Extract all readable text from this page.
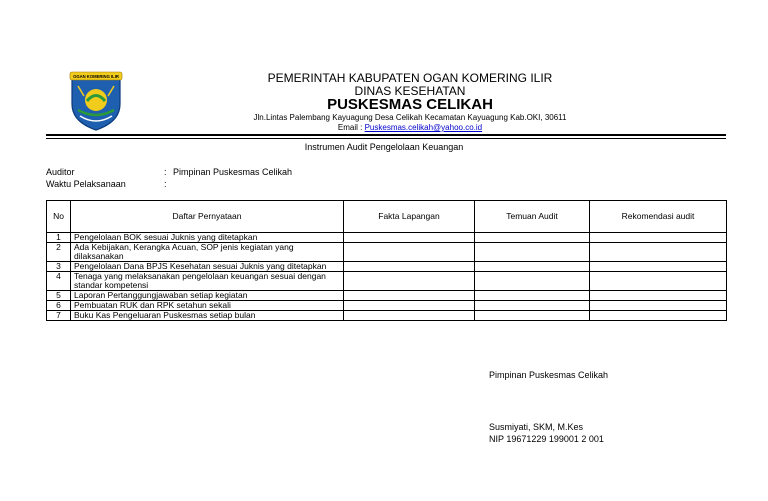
OGAN KOMERING ILIR	PEMERINTAH KABUPATEN OGAN KOMERING ILIR
DINAS KESEHATAN
PUSKESMAS CELIKAH
Jln.Lintas Palembang Kayuagung Desa Celikah Kecamatan Kayuagung Kab.OKI, 30611
Email : Puskesmas.celikah@yahoo.co.id
Instrumen Audit Pengelolaan Keuangan
Auditor	: Pimpinan Puskesmas Celikah
Waktu Pelaksanaan	:
No	Daftar Pernyataan	Fakta Lapangan	Temuan Audit	Rekomendasi audit
1	Pengelolaan BOK sesuai Juknis yang ditetapkan			
2	Ada Kebijakan, Kerangka Acuan, SOP jenis kegiatan yang dilaksanakan			
3	Pengelolaan Dana BPJS Kesehatan sesuai Juknis yang ditetapkan			
4	Tenaga yang melaksanakan pengelolaan keuangan sesuai dengan standar kompetensi			
5	Laporan Pertanggungjawaban setiap kegiatan			
6	Pembuatan RUK dan RPK setahun sekali			
7	Buku Kas Pengeluaran Puskesmas setiap bulan			
Pimpinan Puskesmas Celikah
Susmiyati, SKM, M.Kes
NIP 19671229 199001 2 001
